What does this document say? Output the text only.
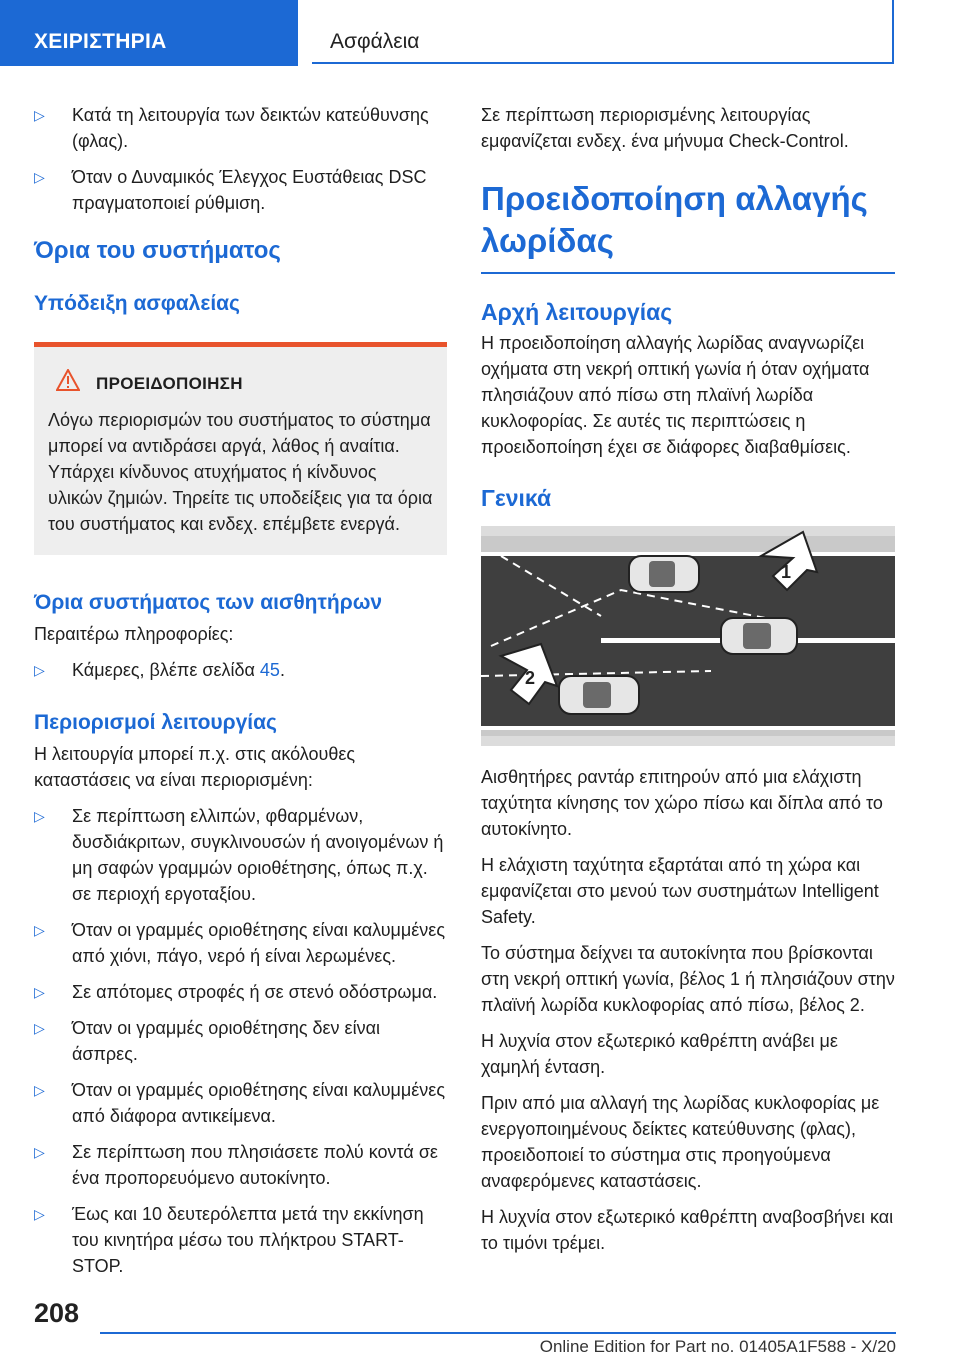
ΧΕΙΡΙΣΤΗΡΙΑ	Ασφάλεια
▷	Κατά τη λειτουργία των δεικτών κατεύθυνσης (φλας).
▷	Όταν ο Δυναμικός Έλεγχος Ευστάθειας DSC πραγματοποιεί ρύθμιση.
Όρια του συστήματος
Υπόδειξη ασφαλείας
ΠΡΟΕΙΔΟΠΟΙΗΣΗ
Λόγω περιορισμών του συστήματος το σύστημα μπορεί να αντιδράσει αργά, λάθος ή αναίτια. Υπάρχει κίνδυνος ατυχήματος ή κίνδυνος υλικών ζημιών. Τηρείτε τις υποδείξεις για τα όρια του συστήματος και ενδεχ. επέμβετε ενεργά.
Όρια συστήματος των αισθητήρων

Περαιτέρω πληροφορίες:

▷	Κάμερες, βλέπε σελίδα 45.
Περιορισμοί λειτουργίας

Η λειτουργία μπορεί π.χ. στις ακόλουθες καταστάσεις να είναι περιορισμένη:

▷	Σε περίπτωση ελλιπών, φθαρμένων, δυσδιάκριτων, συγκλινουσών ή ανοιγομένων ή μη σαφών γραμμών οριοθέτησης, όπως π.χ. σε περιοχή εργοταξίου.
▷	Όταν οι γραμμές οριοθέτησης είναι καλυμμένες από χιόνι, πάγο, νερό ή είναι λερωμένες.
▷	Σε απότομες στροφές ή σε στενό οδόστρωμα.
▷	Όταν οι γραμμές οριοθέτησης δεν είναι άσπρες.
▷	Όταν οι γραμμές οριοθέτησης είναι καλυμμένες από διάφορα αντικείμενα.
▷	Σε περίπτωση που πλησιάσετε πολύ κοντά σε ένα προπορευόμενο αυτοκίνητο.
▷	Έως και 10 δευτερόλεπτα μετά την εκκίνηση του κινητήρα μέσω του πλήκτρου START-STOP.

Σε περίπτωση περιορισμένης λειτουργίας εμφανίζεται ενδεχ. ένα μήνυμα Check-Control.

Προειδοποίηση αλλαγής λωρίδας
Αρχή λειτουργίας

Η προειδοποίηση αλλαγής λωρίδας αναγνωρίζει οχήματα στη νεκρή οπτική γωνία ή όταν οχήματα πλησιάζουν από πίσω στη πλαϊνή λωρίδα κυκλοφορίας. Σε αυτές τις περιπτώσεις η προειδοποίηση έχει σε διάφορες διαβαθμίσεις.

Γενικά
1
2

Αισθητήρες ραντάρ επιτηρούν από μια ελάχιστη ταχύτητα κίνησης τον χώρο πίσω και δίπλα από το αυτοκίνητο.

Η ελάχιστη ταχύτητα εξαρτάται από τη χώρα και εμφανίζεται στο μενού των συστημάτων Intelligent Safety.

Το σύστημα δείχνει τα αυτοκίνητα που βρίσκονται στη νεκρή οπτική γωνία, βέλος 1 ή πλησιάζουν στην πλαϊνή λωρίδα κυκλοφορίας από πίσω, βέλος 2.

Η λυχνία στον εξωτερικό καθρέπτη ανάβει με χαμηλή ένταση.

Πριν από μια αλλαγή της λωρίδας κυκλοφορίας με ενεργοποιημένους δείκτες κατεύθυνσης (φλας), προειδοποιεί το σύστημα στις προηγούμενα αναφερόμενες καταστάσεις.

Η λυχνία στον εξωτερικό καθρέπτη αναβοσβήνει και το τιμόνι τρέμει.

208
Online Edition for Part no. 01405A1F588 - X/20
